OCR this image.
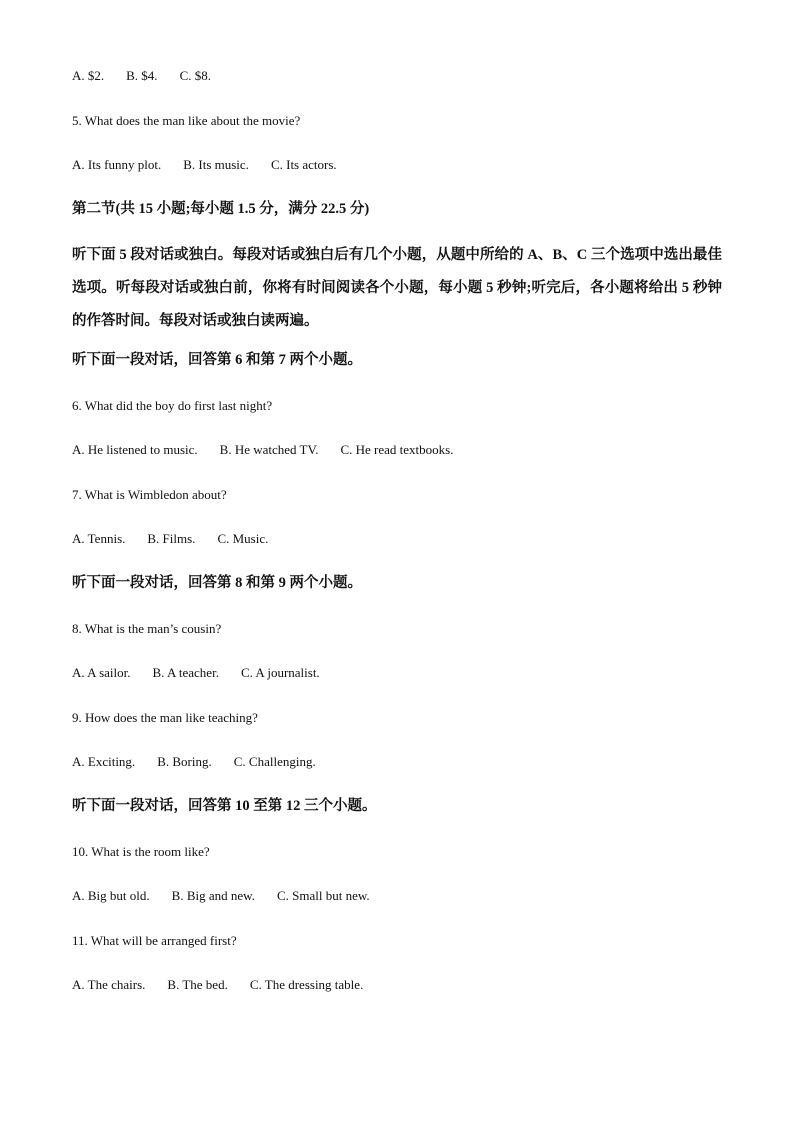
A. $2. B. $4. C. $8.
5. What does the man like about the movie?
A. Its funny plot. B. Its music. C. Its actors.
第二节(共 15 小题;每小题 1.5 分，满分 22.5 分)
听下面 5 段对话或独白。每段对话或独白后有几个小题，从题中所给的 A、B、C 三个选项中选出最佳选项。听每段对话或独白前，你将有时间阅读各个小题，每小题 5 秒钟;听完后，各小题将给出 5 秒钟的作答时间。每段对话或独白读两遍。
听下面一段对话，回答第 6 和第 7 两个小题。
6. What did the boy do first last night?
A. He listened to music. B. He watched TV. C. He read textbooks.
7. What is Wimbledon about?
A. Tennis. B. Films. C. Music.
听下面一段对话，回答第 8 和第 9 两个小题。
8. What is the man’s cousin?
A. A sailor. B. A teacher. C. A journalist.
9. How does the man like teaching?
A. Exciting. B. Boring. C. Challenging.
听下面一段对话，回答第 10 至第 12 三个小题。
10. What is the room like?
A. Big but old. B. Big and new. C. Small but new.
11. What will be arranged first?
A. The chairs. B. The bed. C. The dressing table.
